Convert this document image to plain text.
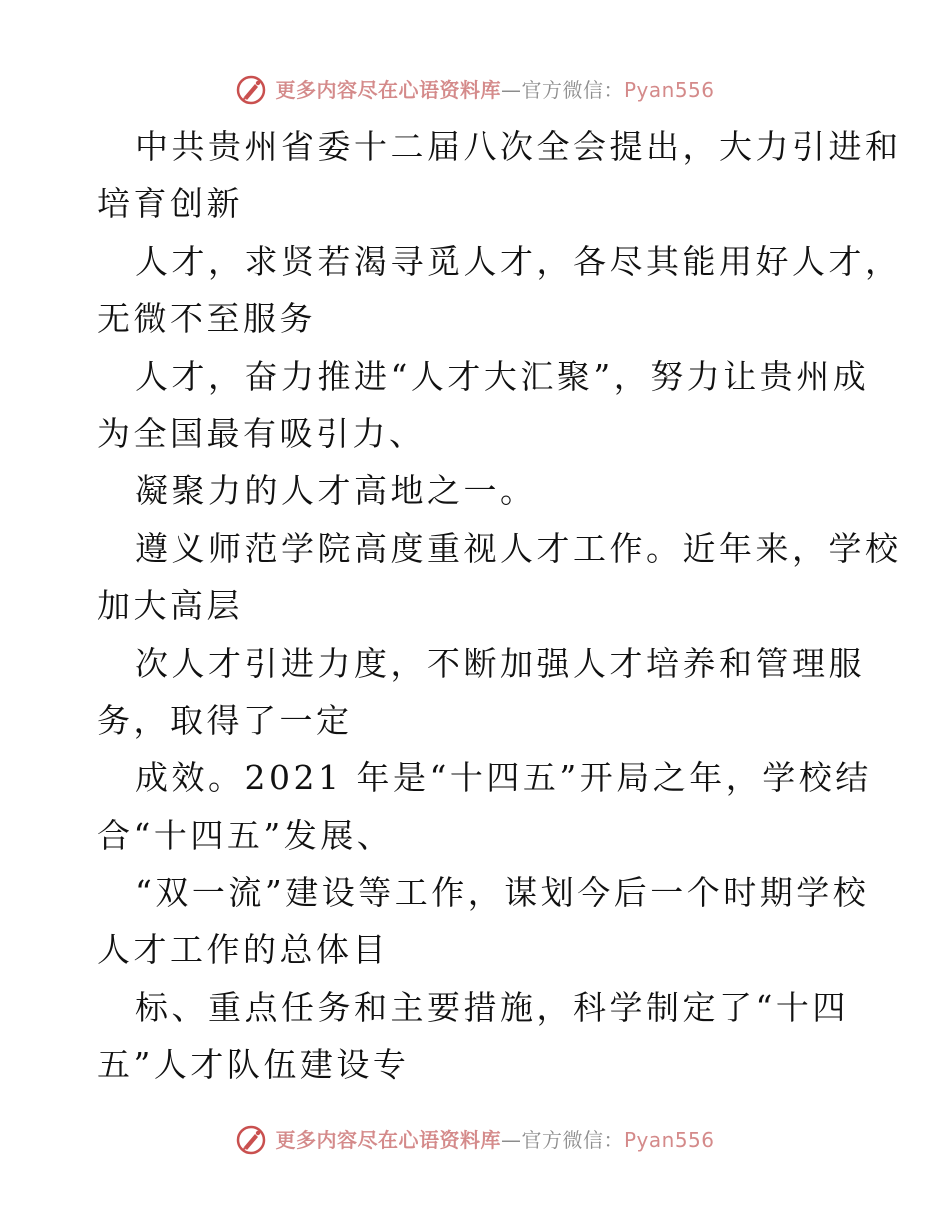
更多内容尽在心语资料库—官方微信：Pyan556
中共贵州省委十二届八次全会提出，大力引进和
培育创新
人才，求贤若渴寻觅人才，各尽其能用好人才，
无微不至服务
人才，奋力推进“人才大汇聚”，努力让贵州成
为全国最有吸引力、
凝聚力的人才高地之一。
遵义师范学院高度重视人才工作。近年来，学校
加大高层
次人才引进力度，不断加强人才培养和管理服
务，取得了一定
成效。2021 年是“十四五”开局之年，学校结
合“十四五”发展、
“双一流”建设等工作，谋划今后一个时期学校
人才工作的总体目
标、重点任务和主要措施，科学制定了“十四
五”人才队伍建设专
更多内容尽在心语资料库—官方微信：Pyan556
